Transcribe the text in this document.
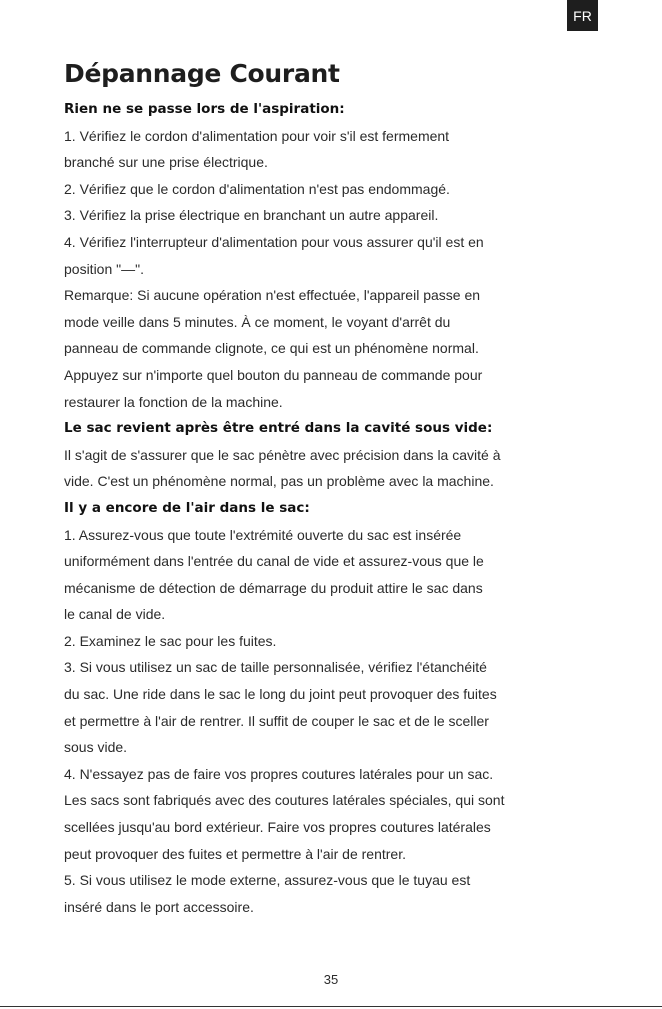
FR
Dépannage Courant

Rien ne se passe lors de l'aspiration:

1. Vérifiez le cordon d'alimentation pour voir s'il est fermement

branché sur une prise électrique.

2. Vérifiez que le cordon d'alimentation n'est pas endommagé.

3. Vérifiez la prise électrique en branchant un autre appareil.

4. Vérifiez l'interrupteur d'alimentation pour vous assurer qu'il est en

position "—".

Remarque: Si aucune opération n'est effectuée, l'appareil passe en

mode veille dans 5 minutes. À ce moment, le voyant d'arrêt du

panneau de commande clignote, ce qui est un phénomène normal.

Appuyez sur n'importe quel bouton du panneau de commande pour

restaurer la fonction de la machine.

Le sac revient après être entré dans la cavité sous vide:

Il s'agit de s'assurer que le sac pénètre avec précision dans la cavité à

vide. C'est un phénomène normal, pas un problème avec la machine.

Il y a encore de l'air dans le sac:

1. Assurez-vous que toute l'extrémité ouverte du sac est insérée

uniformément dans l'entrée du canal de vide et assurez-vous que le

mécanisme de détection de démarrage du produit attire le sac dans

le canal de vide.

2. Examinez le sac pour les fuites.

3. Si vous utilisez un sac de taille personnalisée, vérifiez l'étanchéité

du sac. Une ride dans le sac le long du joint peut provoquer des fuites

et permettre à l'air de rentrer. Il suffit de couper le sac et de le sceller

sous vide.

4. N'essayez pas de faire vos propres coutures latérales pour un sac.

Les sacs sont fabriqués avec des coutures latérales spéciales, qui sont

scellées jusqu'au bord extérieur. Faire vos propres coutures latérales

peut provoquer des fuites et permettre à l'air de rentrer.

5. Si vous utilisez le mode externe, assurez-vous que le tuyau est

inséré dans le port accessoire.

35
